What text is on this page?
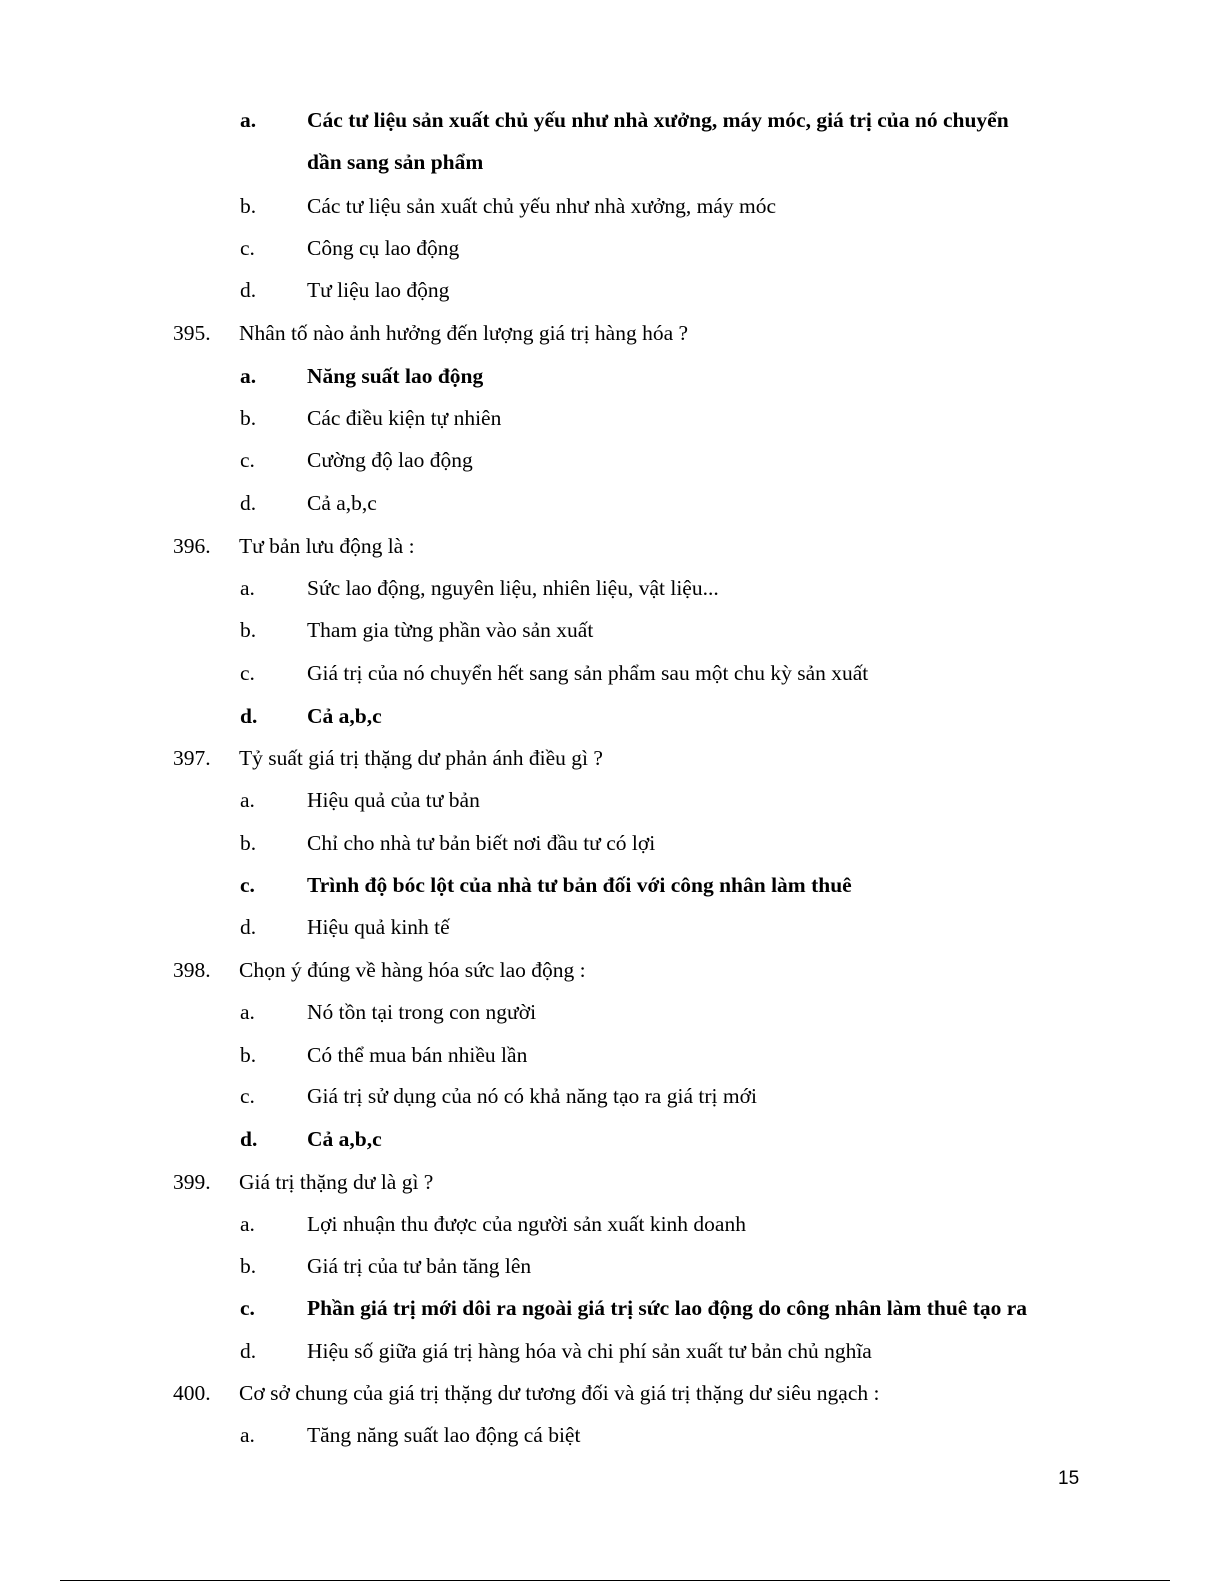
a. Các tư liệu sản xuất chủ yếu như nhà xưởng, máy móc, giá trị của nó chuyển
dần sang sản phẩm
b. Các tư liệu sản xuất chủ yếu như nhà xưởng, máy móc
c. Công cụ lao động
d. Tư liệu lao động
395. Nhân tố nào ảnh hưởng đến lượng giá trị hàng hóa ?
a. Năng suất lao động
b. Các điều kiện tự nhiên
c. Cường độ lao động
d. Cả a,b,c
396. Tư bản lưu động là :
a. Sức lao động, nguyên liệu, nhiên liệu, vật liệu...
b. Tham gia từng phần vào sản xuất
c. Giá trị của nó chuyển hết sang sản phẩm sau một chu kỳ sản xuất
d. Cả a,b,c
397. Tỷ suất giá trị thặng dư phản ánh điều gì ?
a. Hiệu quả của tư bản
b. Chỉ cho nhà tư bản biết nơi đầu tư có lợi
c. Trình độ bóc lột của nhà tư bản đối với công nhân làm thuê
d. Hiệu quả kinh tế
398. Chọn ý đúng về hàng hóa sức lao động :
a. Nó tồn tại trong con người
b. Có thể mua bán nhiều lần
c. Giá trị sử dụng của nó có khả năng tạo ra giá trị mới
d. Cả a,b,c
399. Giá trị thặng dư là gì ?
a. Lợi nhuận thu được của người sản xuất kinh doanh
b. Giá trị của tư bản tăng lên
c. Phần giá trị mới dôi ra ngoài giá trị sức lao động do công nhân làm thuê tạo ra
d. Hiệu số giữa giá trị hàng hóa và chi phí sản xuất tư bản chủ nghĩa
400. Cơ sở chung của giá trị thặng dư tương đối và giá trị thặng dư siêu ngạch :
a. Tăng năng suất lao động cá biệt
15
